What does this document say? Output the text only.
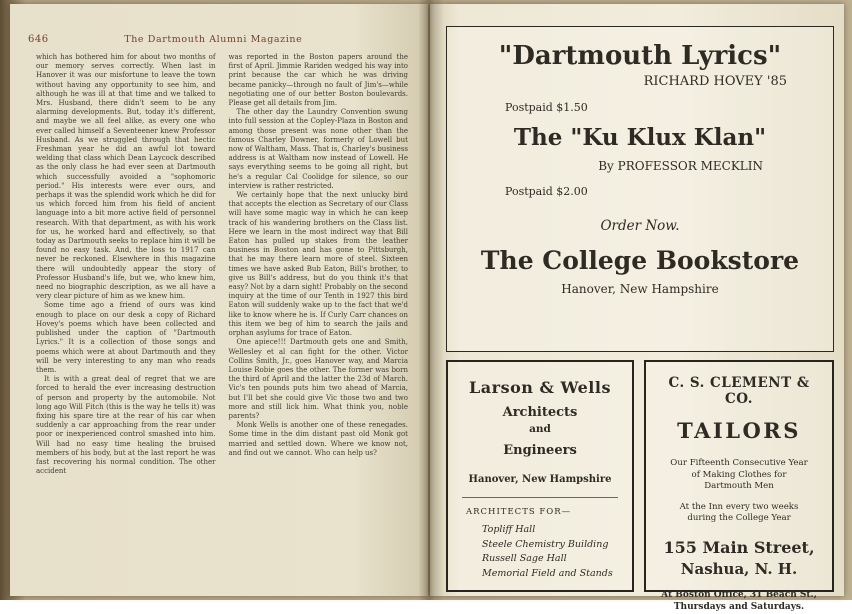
646	The Dartmouth Alumni Magazine

which has bothered him for about two months of our memory serves correctly. When last in Hanover it was our misfortune to leave the town without having any opportunity to see him, and although he was ill at that time and we talked to Mrs. Husband, there didn't seem to be any alarming developments. But, today it's different, and maybe we all feel alike, as every one who ever called himself a Seventeener knew Professor Husband. As we struggled through that hectic Freshman year he did an awful lot toward welding that class which Dean Laycock described as the only class he had ever seen at Dartmouth which successfully avoided a "sophomoric period." His interests were ever ours, and perhaps it was the splendid work which he did for us which forced him from his field of ancient language into a bit more active field of personnel research. With that department, as with his work for us, he worked hard and effectively, so that today as Dartmouth seeks to replace him it will be found no easy task. And, the loss to 1917 can never be reckoned. Elsewhere in this magazine there will undoubtedly appear the story of Professor Husband's life, but we, who knew him, need no biographic description, as we all have a very clear picture of him as we knew him.

Some time ago a friend of ours was kind enough to place on our desk a copy of Richard Hovey's poems which have been collected and published under the caption of "Dartmouth Lyrics." It is a collection of those songs and poems which were at about Dartmouth and they will be very interesting to any man who reads them.

It is with a great deal of regret that we are forced to herald the ever increasing destruction of person and property by the automobile. Not long ago Will Fitch (this is the way he tells it) was fixing his spare tire at the rear of his car when suddenly a car approaching from the rear under poor or inexperienced control smashed into him. Will had no easy time healing the bruised members of his body, but at the last report he was fast recovering his normal condition. The other accident

was reported in the Boston papers around the first of April. Jimmie Rariden wedged his way into print because the car which he was driving became panicky—through no fault of Jim's—while negotiating one of our better Boston boulevards. Please get all details from Jim.

The other day the Laundry Convention swung into full session at the Copley-Plaza in Boston and among those present was none other than the famous Charley Downer, formerly of Lowell but now of Waltham, Mass. That is, Charley's business address is at Waltham now instead of Lowell. He says everything seems to be going all right, but he's a regular Cal Coolidge for silence, so our interview is rather restricted.

We certainly hope that the next unlucky bird that accepts the election as Secretary of our Class will have some magic way in which he can keep track of his wandering brothers on the Class list. Here we learn in the most indirect way that Bill Eaton has pulled up stakes from the leather business in Boston and has gone to Pittsburgh, that he may there learn more of steel. Sixteen times we have asked Bub Eaton, Bill's brother, to give us Bill's address, but do you think it's that easy? Not by a darn sight! Probably on the second inquiry at the time of our Tenth in 1927 this bird Eaton will suddenly wake up to the fact that we'd like to know where he is. If Curly Carr chances on this item we beg of him to search the jails and orphan asylums for trace of Eaton.

One apiece!!! Dartmouth gets one and Smith, Wellesley et al can fight for the other. Victor Collins Smith, Jr., goes Hanover way, and Marcia Louise Robie goes the other. The former was born the third of April and the latter the 23d of March. Vic's ten pounds puts him two ahead of Marcia, but I'll bet she could give Vic those two and two more and still lick him. What think you, noble parents?

Monk Wells is another one of these renegades. Some time in the dim distant past old Monk got married and settled down. Where we know not, and find out we cannot. Who can help us?

"Dartmouth Lyrics"
RICHARD HOVEY '85
Postpaid $1.50
The "Ku Klux Klan"
By PROFESSOR MECKLIN
Postpaid $2.00
Order Now.
The College Bookstore
Hanover, New Hampshire
Larson & Wells
Architects
and
Engineers
Hanover, New Hampshire
ARCHITECTS FOR—
Topliff Hall
Steele Chemistry Building
Russell Sage Hall
Memorial Field and Stands
C. S. CLEMENT & CO.
TAILORS
Our Fifteenth Consecutive Year of Making Clothes for Dartmouth Men
At the Inn every two weeks during the College Year
155 Main Street,
Nashua, N. H.
At Boston Office, 31 Beach St.,
Thursdays and Saturdays.
